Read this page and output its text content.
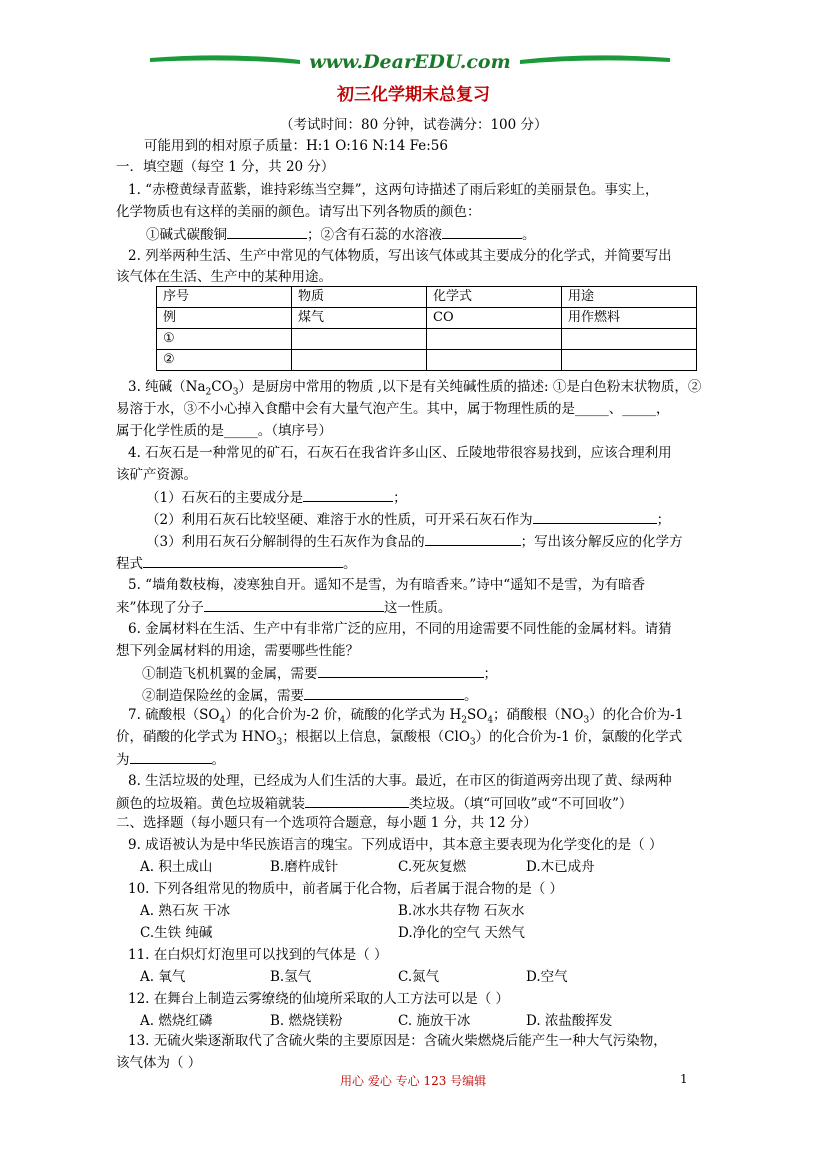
www.DearEDU.com
初三化学期末总复习
（考试时间：80 分钟，试卷满分：100 分）
可能用到的相对原子质量：H:1 O:16 N:14 Fe:56
一．填空题（每空 1 分，共 20 分）
1. “赤橙黄绿青蓝紫，谁持彩练当空舞”，这两句诗描述了雨后彩虹的美丽景色。事实上，
化学物质也有这样的美丽的颜色。请写出下列各物质的颜色：
①碱式碳酸铜	；②含有石蕊的水溶液	。
2. 列举两种生活、生产中常见的气体物质，写出该气体或其主要成分的化学式，并简要写出
该气体在生活、生产中的某种用途。
序号	物质	化学式	用途
例	煤气	CO	用作燃料
①			
②			
3. 纯碱$(Na_2CO_3)$是厨房中常用的物质 ,以下是有关纯碱性质的描述: ①是白色粉末状物质，②
易溶于水，③不小心掉入食醋中会有大量气泡产生。其中，属于物理性质的是_____、_____，
属于化学性质的是_____。（填序号）
4. 石灰石是一种常见的矿石，石灰石在我省许多山区、丘陵地带很容易找到，应该合理利用
该矿产资源。
（1）石灰石的主要成分是	；
（2）利用石灰石比较坚硬、难溶于水的性质，可开采石灰石作为	；
（3）利用石灰石分解制得的生石灰作为食品的	；写出该分解反应的化学方
程式	。
5. “墙角数枝梅，凌寒独自开。遥知不是雪，为有暗香来。”诗中“遥知不是雪，为有暗香
来”体现了分子	这一性质。
6. 金属材料在生活、生产中有非常广泛的应用，不同的用途需要不同性能的金属材料。请猜
想下列金属材料的用途，需要哪些性能？
①制造飞机机翼的金属，需要	；
②制造保险丝的金属，需要	。
7. 硫酸根$(SO_4)$的化合价为-2 价，硫酸的化学式为 $H_2SO_4$；硝酸根$(NO_3)$的化合价为-1
价，硝酸的化学式为 $HNO_3$；根据以上信息，氯酸根（ClO$_3$）的化合价为-1 价，氯酸的化学式
为	。
8. 生活垃圾的处理，已经成为人们生活的大事。最近，在市区的街道两旁出现了黄、绿两种
颜色的垃圾箱。黄色垃圾箱就装	类垃圾。（填“可回收”或“不可回收”）
二、选择题（每小题只有一个选项符合题意，每小题 1 分，共 12 分）
9. 成语被认为是中华民族语言的瑰宝。下列成语中，其本意主要表现为化学变化的是（ ）
A. 积土成山	B.磨杵成针	C.死灰复燃	D.木已成舟
10. 下列各组常见的物质中，前者属于化合物，后者属于混合物的是（ ）
A. 熟石灰 干冰	B.冰水共存物 石灰水
C.生铁 纯碱	D.净化的空气 天然气
11. 在白炽灯灯泡里可以找到的气体是（ ）
A. 氧气	B.氢气	C.氮气	D.空气
12. 在舞台上制造云雾缭绕的仙境所采取的人工方法可以是（ ）
A. 燃烧红磷	B. 燃烧镁粉	C. 施放干冰	D. 浓盐酸挥发
13. 无硫火柴逐渐取代了含硫火柴的主要原因是：含硫火柴燃烧后能产生一种大气污染物，
该气体为（ ）
用心 爱心 专心 123 号编辑	1
